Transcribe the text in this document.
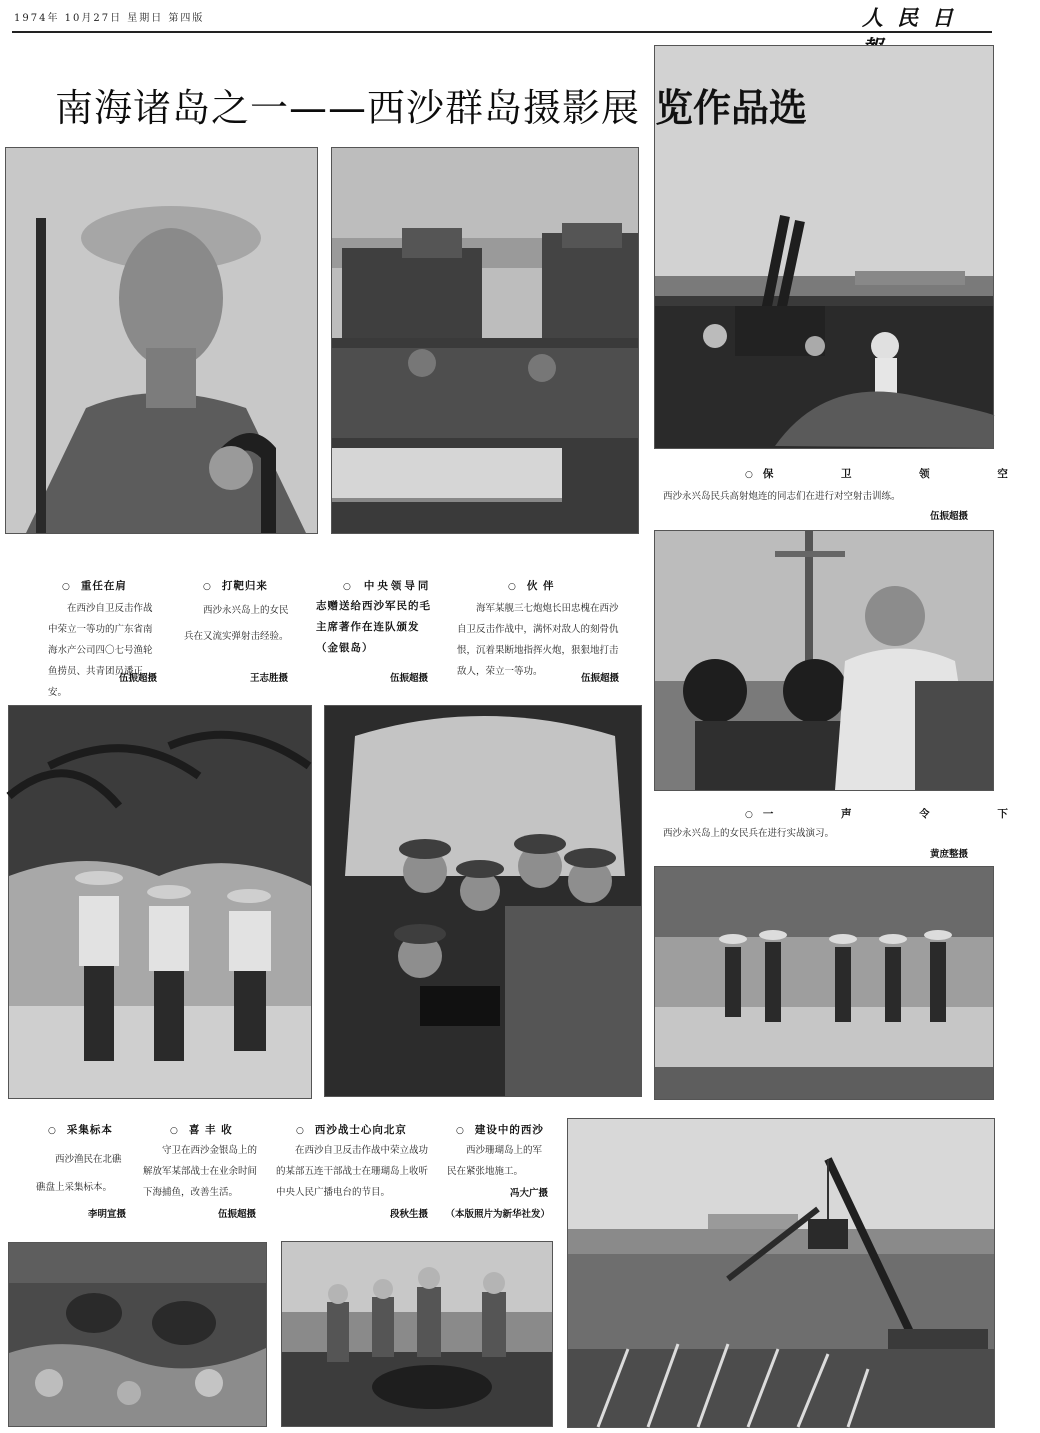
1974年 10月27日 星期日 第四版	人民日
南海诸岛之一——西沙群岛摄影展 览作品选
○保 卫 领 空
西沙永兴岛民兵高射炮连的同志们在进行对空射击训练。
伍振超摄
○一 声 令 下
西沙永兴岛上的女民兵在进行实战演习。
黄庶整摄
○ 重任在肩
在西沙自卫反击作战中荣立一等功的广东省南海水产公司四〇七号渔轮鱼捞员、共青团员潘正安。
伍振超摄
○ 打靶归来
西沙永兴岛上的女民兵在又流实弹射击经验。
王志胜摄
○ 中央领导同
志赠送给西沙军民的毛主席著作在连队颁发（金银岛）
伍振超摄
○ 伙 伴
海军某舰三七炮炮长田忠槐在西沙自卫反击作战中，满怀对敌人的刻骨仇恨，沉着果断地指挥火炮，狠狠地打击敌人，荣立一等功。
伍振超摄
○ 采集标本
西沙渔民在北礁礁盘上采集标本。
李明宣摄
○ 喜 丰 收
守卫在西沙金银岛上的解放军某部战士在业余时间下海捕鱼，改善生活。
伍振超摄
○ 西沙战士心向北京
在西沙自卫反击作战中荣立战功的某部五连干部战士在珊瑚岛上收听中央人民广播电台的节目。
段秋生摄
○ 建设中的西沙
西沙珊瑚岛上的军民在紧张地施工。
冯大广摄
（本版照片为新华社发）
